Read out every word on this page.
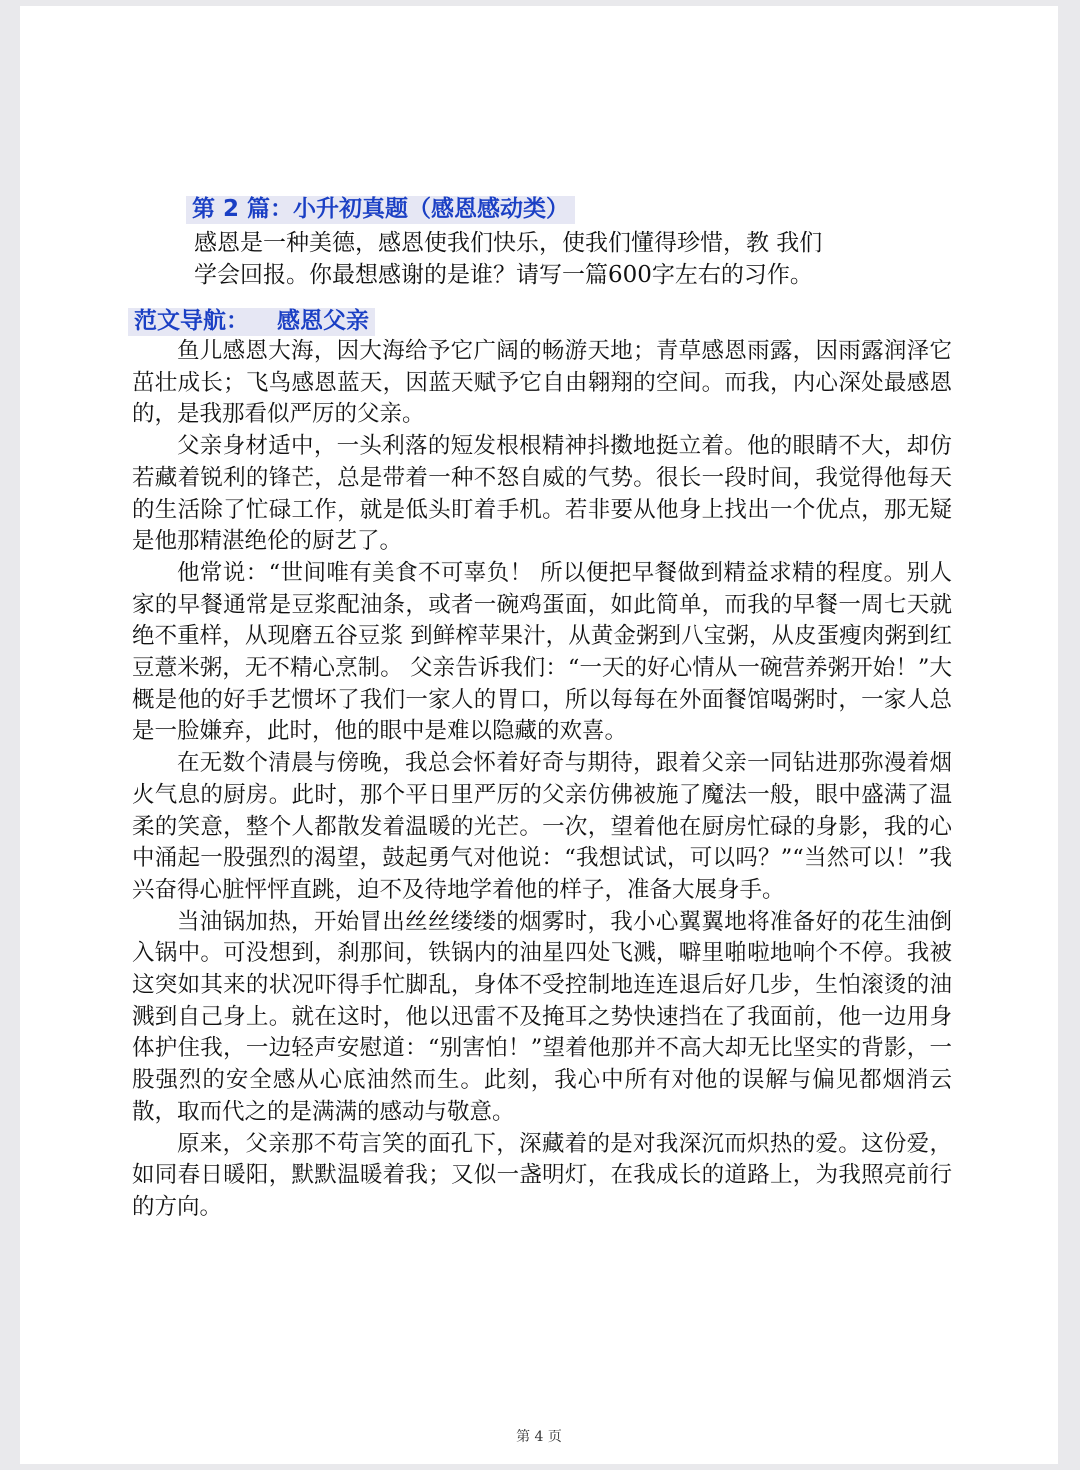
第 2 篇：小升初真题（感恩感动类）

感恩是一种美德，感恩使我们快乐，使我们懂得珍惜，教 我们

学会回报。你最想感谢的是谁？请写一篇600字左右的习作。

范文导航： 感恩父亲

鱼儿感恩大海，因大海给予它广阔的畅游天地；青草感恩雨露，因雨露润泽它茁壮成长；飞鸟感恩蓝天，因蓝天赋予它自由翱翔的空间。而我，内心深处最感恩的，是我那看似严厉的父亲。

父亲身材适中，一头利落的短发根根精神抖擞地挺立着。他的眼睛不大，却仿若藏着锐利的锋芒，总是带着一种不怒自威的气势。很长一段时间，我觉得他每天的生活除了忙碌工作，就是低头盯着手机。若非要从他身上找出一个优点，那无疑是他那精湛绝伦的厨艺了。

他常说：“世间唯有美食不可辜负！ 所以便把早餐做到精益求精的程度。别人家的早餐通常是豆浆配油条，或者一碗鸡蛋面，如此简单，而我的早餐一周七天就绝不重样，从现磨五谷豆浆 到鲜榨苹果汁，从黄金粥到八宝粥，从皮蛋瘦肉粥到红豆薏米粥，无不精心烹制。 父亲告诉我们：“一天的好心情从一碗营养粥开始！”大概是他的好手艺惯坏了我们一家人的胃口，所以每每在外面餐馆喝粥时，一家人总是一脸嫌弃，此时，他的眼中是难以隐藏的欢喜。

在无数个清晨与傍晚，我总会怀着好奇与期待，跟着父亲一同钻进那弥漫着烟火气息的厨房。此时，那个平日里严厉的父亲仿佛被施了魔法一般，眼中盛满了温柔的笑意，整个人都散发着温暖的光芒。一次，望着他在厨房忙碌的身影，我的心中涌起一股强烈的渴望，鼓起勇气对他说：“我想试试，可以吗？”“当然可以！”我兴奋得心脏怦怦直跳，迫不及待地学着他的样子，准备大展身手。

当油锅加热，开始冒出丝丝缕缕的烟雾时，我小心翼翼地将准备好的花生油倒入锅中。可没想到，刹那间，铁锅内的油星四处飞溅，噼里啪啦地响个不停。我被这突如其来的状况吓得手忙脚乱，身体不受控制地连连退后好几步，生怕滚烫的油溅到自己身上。就在这时，他以迅雷不及掩耳之势快速挡在了我面前，他一边用身体护住我，一边轻声安慰道：“别害怕！”望着他那并不高大却无比坚实的背影，一股强烈的安全感从心底油然而生。此刻，我心中所有对他的误解与偏见都烟消云散，取而代之的是满满的感动与敬意。

原来，父亲那不苟言笑的面孔下，深藏着的是对我深沉而炽热的爱。这份爱，如同春日暖阳，默默温暖着我；又似一盏明灯，在我成长的道路上，为我照亮前行的方向。

第 4 页
